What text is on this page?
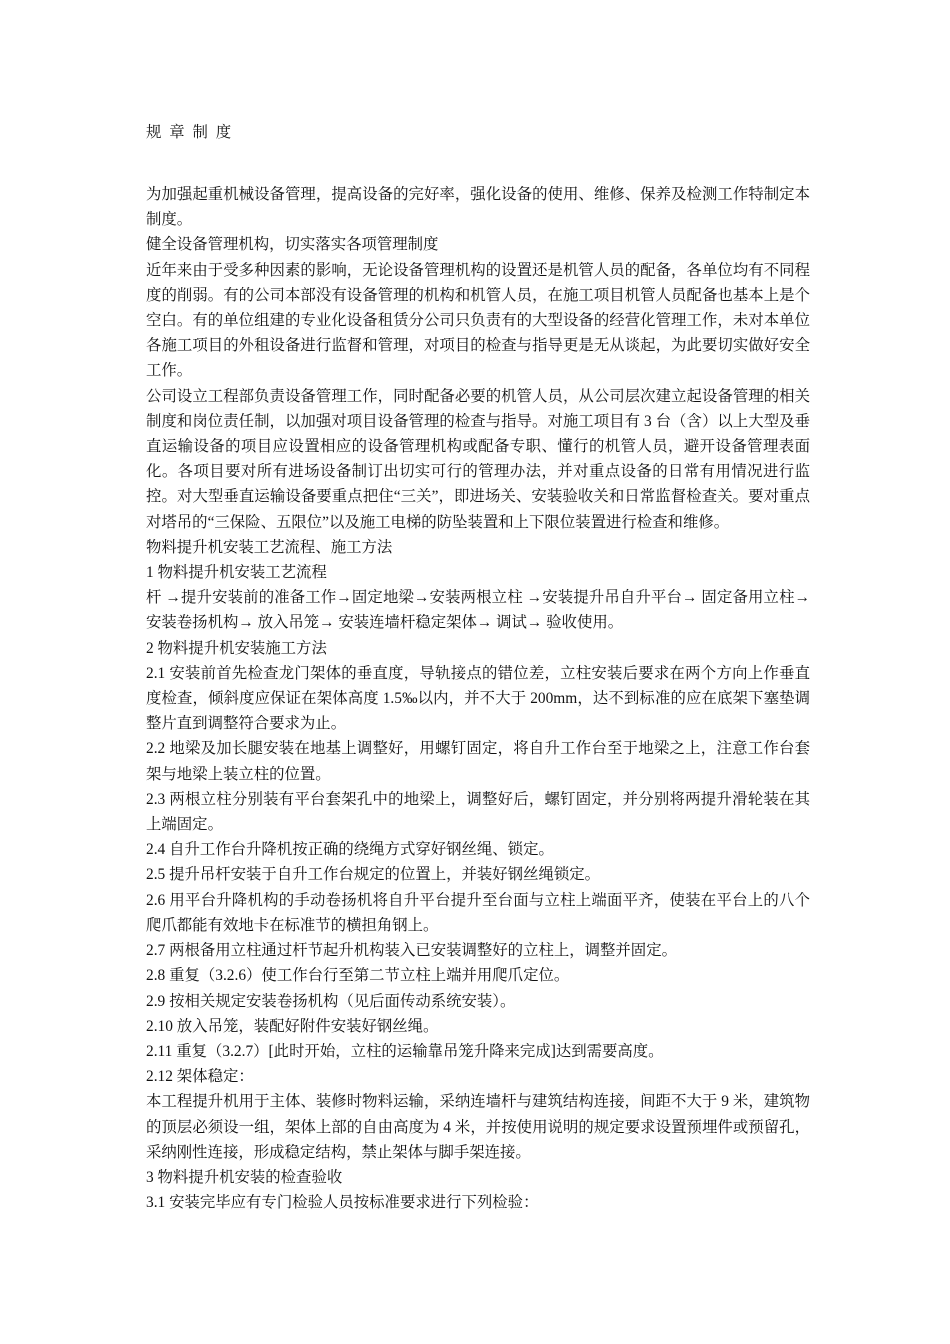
规 章 制 度

为加强起重机械设备管理，提高设备的完好率，强化设备的使用、维修、保养及检测工作特制定本制度。

健全设备管理机构，切实落实各项管理制度

近年来由于受多种因素的影响，无论设备管理机构的设置还是机管人员的配备，各单位均有不同程度的削弱。有的公司本部没有设备管理的机构和机管人员，在施工项目机管人员配备也基本上是个空白。有的单位组建的专业化设备租赁分公司只负责有的大型设备的经营化管理工作，未对本单位各施工项目的外租设备进行监督和管理，对项目的检查与指导更是无从谈起，为此要切实做好安全工作。

公司设立工程部负责设备管理工作，同时配备必要的机管人员，从公司层次建立起设备管理的相关制度和岗位责任制，以加强对项目设备管理的检查与指导。对施工项目有 3 台（含）以上大型及垂直运输设备的项目应设置相应的设备管理机构或配备专职、懂行的机管人员，避开设备管理表面化。各项目要对所有进场设备制订出切实可行的管理办法，并对重点设备的日常有用情况进行监控。对大型垂直运输设备要重点把住“三关”，即进场关、安装验收关和日常监督检查关。要对重点对塔吊的“三保险、五限位”以及施工电梯的防坠装置和上下限位装置进行检查和维修。

物料提升机安装工艺流程、施工方法

1 物料提升机安装工艺流程

杆 →提升安装前的准备工作→固定地梁→安装两根立柱 →安装提升吊自升平台→ 固定备用立柱→ 安装卷扬机构→ 放入吊笼→ 安装连墙杆稳定架体→ 调试→ 验收使用。

2 物料提升机安装施工方法

2.1 安装前首先检查龙门架体的垂直度，导轨接点的错位差，立柱安装后要求在两个方向上作垂直度检查，倾斜度应保证在架体高度 1.5‰以内，并不大于 200mm，达不到标准的应在底架下塞垫调整片直到调整符合要求为止。

2.2 地梁及加长腿安装在地基上调整好，用螺钉固定，将自升工作台至于地梁之上，注意工作台套架与地梁上装立柱的位置。

2.3 两根立柱分别装有平台套架孔中的地梁上，调整好后，螺钉固定，并分别将两提升滑轮装在其上端固定。

2.4 自升工作台升降机按正确的绕绳方式穿好钢丝绳、锁定。

2.5 提升吊杆安装于自升工作台规定的位置上，并装好钢丝绳锁定。

2.6 用平台升降机构的手动卷扬机将自升平台提升至台面与立柱上端面平齐，使装在平台上的八个爬爪都能有效地卡在标准节的横担角钢上。

2.7 两根备用立柱通过杆节起升机构装入已安装调整好的立柱上，调整并固定。

2.8 重复（3.2.6）使工作台行至第二节立柱上端并用爬爪定位。

2.9 按相关规定安装卷扬机构（见后面传动系统安装）。

2.10 放入吊笼，装配好附件安装好钢丝绳。

2.11 重复（3.2.7）[此时开始，立柱的运输靠吊笼升降来完成]达到需要高度。

2.12 架体稳定：

本工程提升机用于主体、装修时物料运输，采纳连墙杆与建筑结构连接，间距不大于 9 米，建筑物的顶层必须设一组，架体上部的自由高度为 4 米，并按使用说明的规定要求设置预埋件或预留孔，采纳刚性连接，形成稳定结构，禁止架体与脚手架连接。

3 物料提升机安装的检查验收

3.1 安装完毕应有专门检验人员按标准要求进行下列检验：
